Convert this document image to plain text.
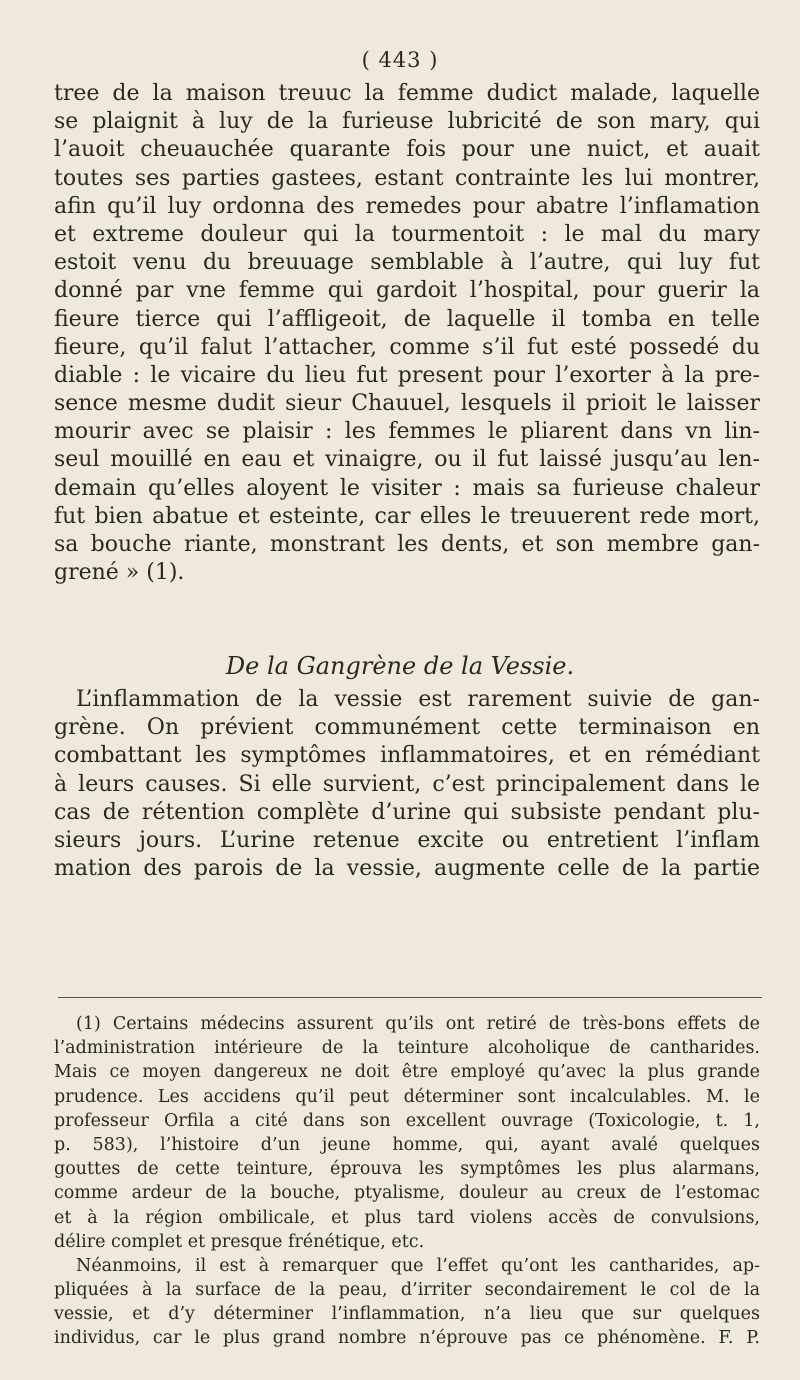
( 443 )
tree de la maison treuuc la femme dudict malade, laquelle
se plaignit à luy de la furieuse lubricité de son mary, qui
l’auoit cheuauchée quarante fois pour une nuict, et auait
toutes ses parties gastees, estant contrainte les lui montrer,
afin qu’il luy ordonna des remedes pour abatre l’inflamation
et extreme douleur qui la tourmentoit : le mal du mary
estoit venu du breuuage semblable à l’autre, qui luy fut
donné par vne femme qui gardoit l’hospital, pour guerir la
fieure tierce qui l’affligeoit, de laquelle il tomba en telle
fieure, qu’il falut l’attacher, comme s’il fut esté possedé du
diable : le vicaire du lieu fut present pour l’exorter à la pre-
sence mesme dudit sieur Chauuel, lesquels il prioit le laisser
mourir avec se plaisir : les femmes le pliarent dans vn lin-
seul mouillé en eau et vinaigre, ou il fut laissé jusqu’au len-
demain qu’elles aloyent le visiter : mais sa furieuse chaleur
fut bien abatue et esteinte, car elles le treuuerent rede mort,
sa bouche riante, monstrant les dents, et son membre gan-
grené » (1).
De la Gangrène de la Vessie.
L’inflammation de la vessie est rarement suivie de gan-
grène. On prévient communément cette terminaison en
combattant les symptômes inflammatoires, et en rémédiant
à leurs causes. Si elle survient, c’est principalement dans le
cas de rétention complète d’urine qui subsiste pendant plu-
sieurs jours. L’urine retenue excite ou entretient l’inflam
mation des parois de la vessie, augmente celle de la partie
(1) Certains médecins assurent qu’ils ont retiré de très-bons effets de
l’administration intérieure de la teinture alcoholique de cantharides.
Mais ce moyen dangereux ne doit être employé qu’avec la plus grande
prudence. Les accidens qu’il peut déterminer sont incalculables. M. le
professeur Orfila a cité dans son excellent ouvrage (Toxicologie, t. 1,
p. 583), l’histoire d’un jeune homme, qui, ayant avalé quelques
gouttes de cette teinture, éprouva les symptômes les plus alarmans,
comme ardeur de la bouche, ptyalisme, douleur au creux de l’estomac
et à la région ombilicale, et plus tard violens accès de convulsions,
délire complet et presque frénétique, etc.
Néanmoins, il est à remarquer que l’effet qu’ont les cantharides, ap-
pliquées à la surface de la peau, d’irriter secondairement le col de la
vessie, et d’y déterminer l’inflammation, n’a lieu que sur quelques
individus, car le plus grand nombre n’éprouve pas ce phénomène. F. P.
